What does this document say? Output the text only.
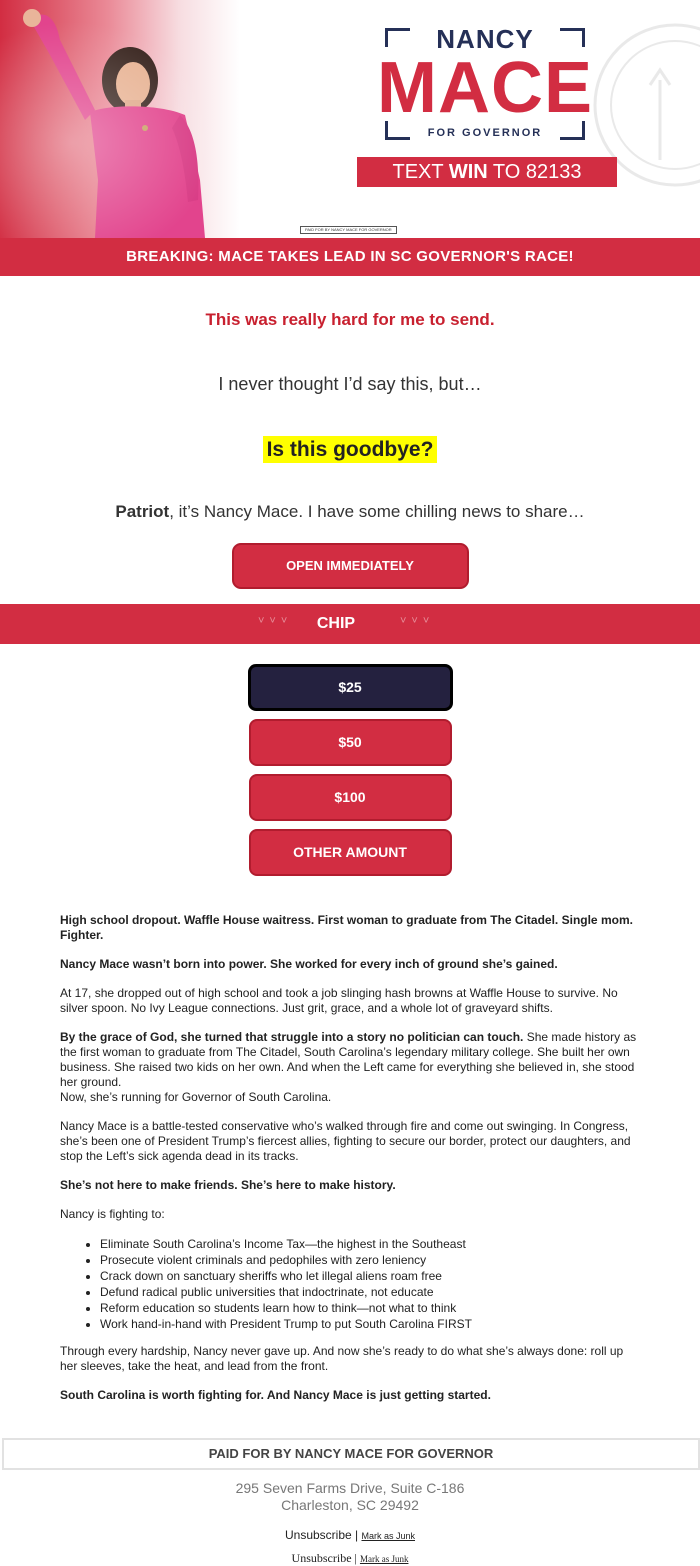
NANCY
MACE
FOR GOVERNOR
TEXT WIN TO 82133
PAID FOR BY NANCY MACE FOR GOVERNOR
BREAKING: MACE TAKES LEAD IN SC GOVERNOR'S RACE!

This was really hard for me to send.

I never thought I’d say this, but…

Is this goodbye?
Patriot, it’s Nancy Mace. I have some chilling news to share…
OPEN IMMEDIATELY
˅˅˅	CHIP	˅˅˅
$25
$50
$100
OTHER AMOUNT

High school dropout. Waffle House waitress. First woman to graduate from The Citadel. Single mom. Fighter.

Nancy Mace wasn’t born into power. She worked for every inch of ground she’s gained.

At 17, she dropped out of high school and took a job slinging hash browns at Waffle House to survive. No silver spoon. No Ivy League connections. Just grit, grace, and a whole lot of graveyard shifts.

By the grace of God, she turned that struggle into a story no politician can touch. She made history as the first woman to graduate from The Citadel, South Carolina’s legendary military college. She built her own business. She raised two kids on her own. And when the Left came for everything she believed in, she stood her ground.
Now, she’s running for Governor of South Carolina.

Nancy Mace is a battle-tested conservative who’s walked through fire and come out swinging. In Congress, she’s been one of President Trump’s fiercest allies, fighting to secure our border, protect our daughters, and stop the Left’s sick agenda dead in its tracks.

She’s not here to make friends. She’s here to make history.

Nancy is fighting to:

• Eliminate South Carolina’s Income Tax—the highest in the Southeast
• Prosecute violent criminals and pedophiles with zero leniency
• Crack down on sanctuary sheriffs who let illegal aliens roam free
• Defund radical public universities that indoctrinate, not educate
• Reform education so students learn how to think—not what to think
• Work hand-in-hand with President Trump to put South Carolina FIRST

Through every hardship, Nancy never gave up. And now she’s ready to do what she’s always done: roll up her sleeves, take the heat, and lead from the front.

South Carolina is worth fighting for. And Nancy Mace is just getting started.

PAID FOR BY NANCY MACE FOR GOVERNOR
295 Seven Farms Drive, Suite C-186
Charleston, SC 29492
Unsubscribe | Mark as Junk
Unsubscribe | Mark as Junk
